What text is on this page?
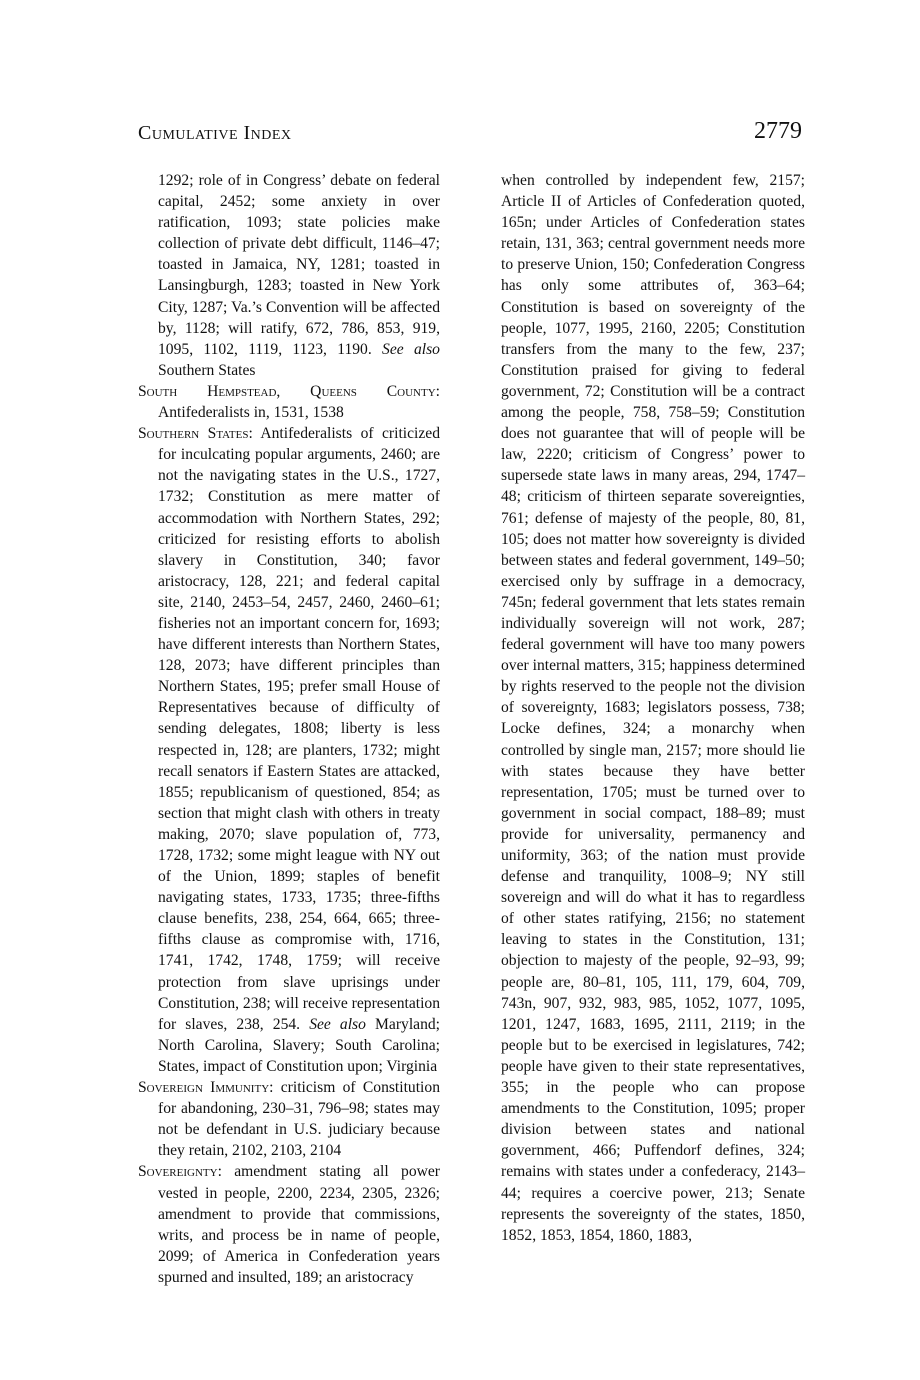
Cumulative Index	2779

1292; role of in Congress’ debate on federal capital, 2452; some anxiety in over ratification, 1093; state policies make collection of private debt difficult, 1146–47; toasted in Jamaica, NY, 1281; toasted in Lansingburgh, 1283; toasted in New York City, 1287; Va.’s Convention will be affected by, 1128; will ratify, 672, 786, 853, 919, 1095, 1102, 1119, 1123, 1190. See also Southern States

South Hempstead, Queens County: Antifederalists in, 1531, 1538

Southern States: Antifederalists of criticized for inculcating popular arguments, 2460; are not the navigating states in the U.S., 1727, 1732; Constitution as mere matter of accommodation with Northern States, 292; criticized for resisting efforts to abolish slavery in Constitution, 340; favor aristocracy, 128, 221; and federal capital site, 2140, 2453–54, 2457, 2460, 2460–61; fisheries not an important concern for, 1693; have different interests than Northern States, 128, 2073; have different principles than Northern States, 195; prefer small House of Representatives because of difficulty of sending delegates, 1808; liberty is less respected in, 128; are planters, 1732; might recall senators if Eastern States are attacked, 1855; republicanism of questioned, 854; as section that might clash with others in treaty making, 2070; slave population of, 773, 1728, 1732; some might league with NY out of the Union, 1899; staples of benefit navigating states, 1733, 1735; three-fifths clause benefits, 238, 254, 664, 665; three-fifths clause as compromise with, 1716, 1741, 1742, 1748, 1759; will receive protection from slave uprisings under Constitution, 238; will receive representation for slaves, 238, 254. See also Maryland; North Carolina, Slavery; South Carolina; States, impact of Constitution upon; Virginia

Sovereign Immunity: criticism of Constitution for abandoning, 230–31, 796–98; states may not be defendant in U.S. judiciary because they retain, 2102, 2103, 2104

Sovereignty: amendment stating all power vested in people, 2200, 2234, 2305, 2326; amendment to provide that commissions, writs, and process be in name of people, 2099; of America in Confederation years spurned and insulted, 189; an aristocracy

when controlled by independent few, 2157; Article II of Articles of Confederation quoted, 165n; under Articles of Confederation states retain, 131, 363; central government needs more to preserve Union, 150; Confederation Congress has only some attributes of, 363–64; Constitution is based on sovereignty of the people, 1077, 1995, 2160, 2205; Constitution transfers from the many to the few, 237; Constitution praised for giving to federal government, 72; Constitution will be a contract among the people, 758, 758–59; Constitution does not guarantee that will of people will be law, 2220; criticism of Congress’ power to supersede state laws in many areas, 294, 1747–48; criticism of thirteen separate sovereignties, 761; defense of majesty of the people, 80, 81, 105; does not matter how sovereignty is divided between states and federal government, 149–50; exercised only by suffrage in a democracy, 745n; federal government that lets states remain individually sovereign will not work, 287; federal government will have too many powers over internal matters, 315; happiness determined by rights reserved to the people not the division of sovereignty, 1683; legislators possess, 738; Locke defines, 324; a monarchy when controlled by single man, 2157; more should lie with states because they have better representation, 1705; must be turned over to government in social compact, 188–89; must provide for universality, permanency and uniformity, 363; of the nation must provide defense and tranquility, 1008–9; NY still sovereign and will do what it has to regardless of other states ratifying, 2156; no statement leaving to states in the Constitution, 131; objection to majesty of the people, 92–93, 99; people are, 80–81, 105, 111, 179, 604, 709, 743n, 907, 932, 983, 985, 1052, 1077, 1095, 1201, 1247, 1683, 1695, 2111, 2119; in the people but to be exercised in legislatures, 742; people have given to their state representatives, 355; in the people who can propose amendments to the Constitution, 1095; proper division between states and national government, 466; Puffendorf defines, 324; remains with states under a confederacy, 2143–44; requires a coercive power, 213; Senate represents the sovereignty of the states, 1850, 1852, 1853, 1854, 1860, 1883,
